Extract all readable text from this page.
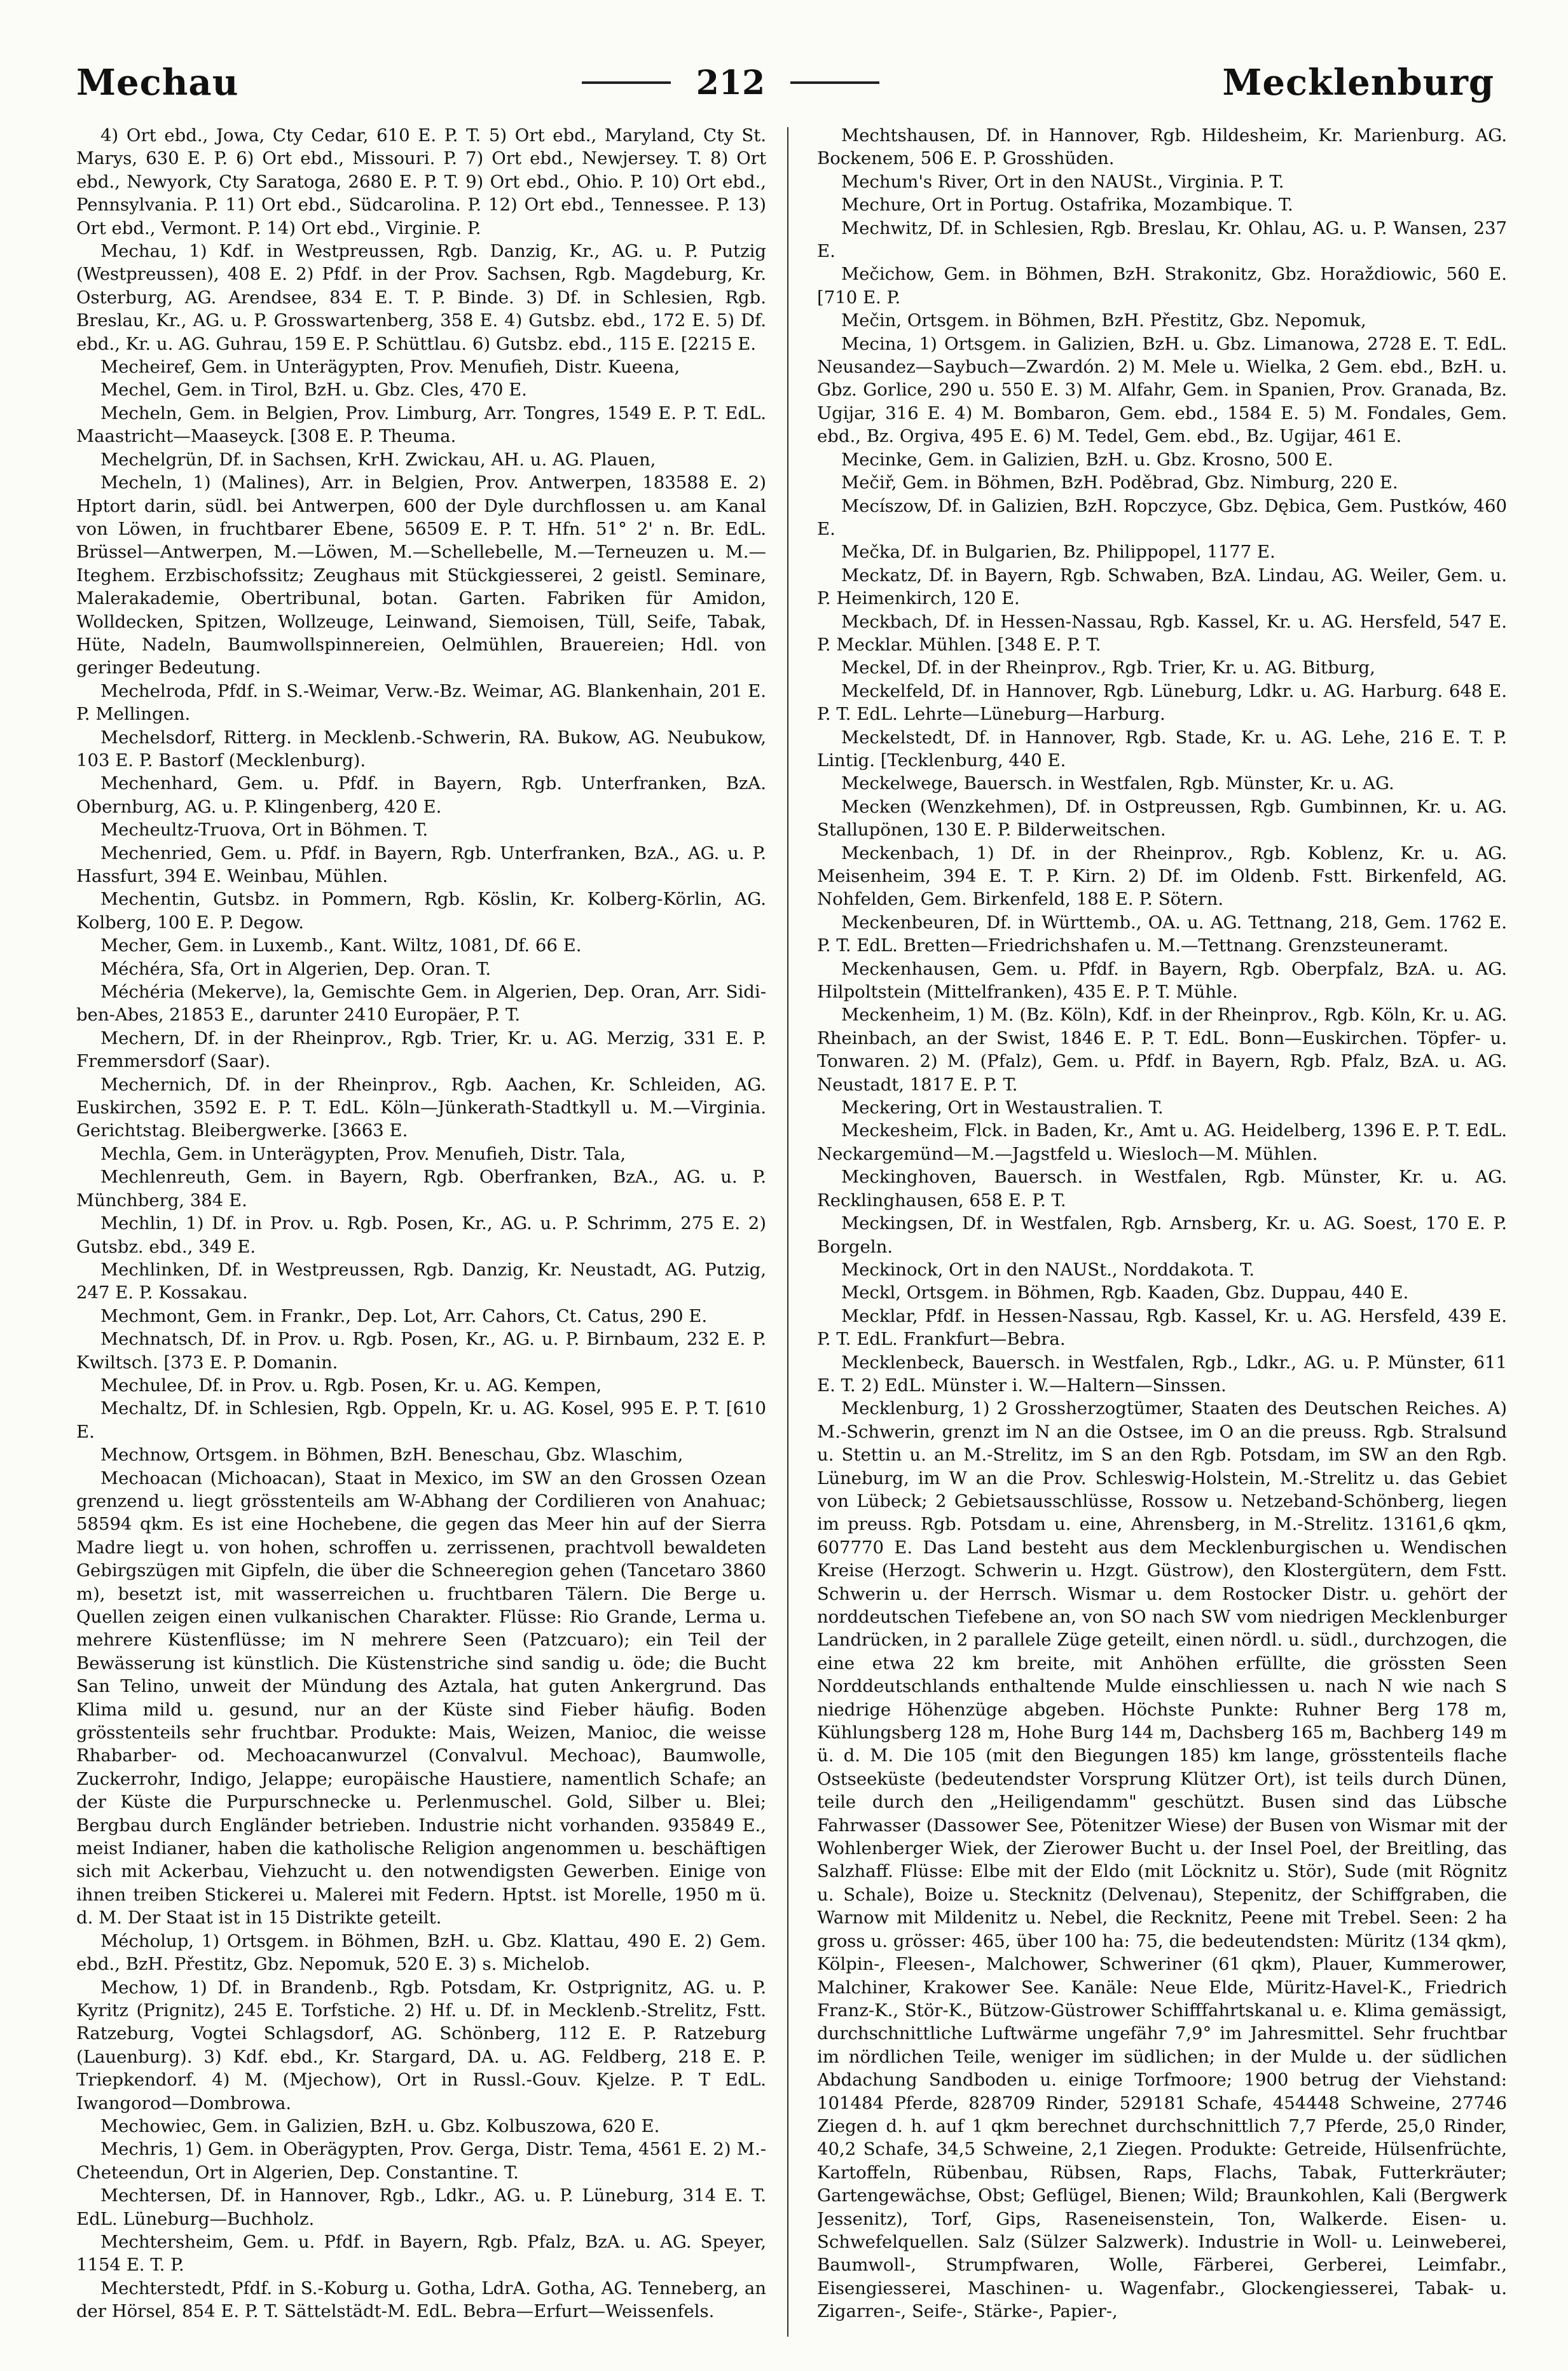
Mechau	212	Mecklenburg

4) Ort ebd., Jowa, Cty Cedar, 610 E. P. T. 5) Ort ebd., Maryland, Cty St. Marys, 630 E. P. 6) Ort ebd., Missouri. P. 7) Ort ebd., Newjersey. T. 8) Ort ebd., Newyork, Cty Saratoga, 2680 E. P. T. 9) Ort ebd., Ohio. P. 10) Ort ebd., Pennsylvania. P. 11) Ort ebd., Südcarolina. P. 12) Ort ebd., Tennessee. P. 13) Ort ebd., Vermont. P. 14) Ort ebd., Virginie. P.

Mechau, 1) Kdf. in Westpreussen, Rgb. Danzig, Kr., AG. u. P. Putzig (Westpreussen), 408 E. 2) Pfdf. in der Prov. Sachsen, Rgb. Magdeburg, Kr. Osterburg, AG. Arendsee, 834 E. T. P. Binde. 3) Df. in Schlesien, Rgb. Breslau, Kr., AG. u. P. Grosswartenberg, 358 E. 4) Gutsbz. ebd., 172 E. 5) Df. ebd., Kr. u. AG. Guhrau, 159 E. P. Schüttlau. 6) Gutsbz. ebd., 115 E. [2215 E.

Mecheiref, Gem. in Unterägypten, Prov. Menufieh, Distr. Kueena,

Mechel, Gem. in Tirol, BzH. u. Gbz. Cles, 470 E.

Mecheln, Gem. in Belgien, Prov. Limburg, Arr. Tongres, 1549 E. P. T. EdL. Maastricht—Maaseyck. [308 E. P. Theuma.

Mechelgrün, Df. in Sachsen, KrH. Zwickau, AH. u. AG. Plauen,

Mecheln, 1) (Malines), Arr. in Belgien, Prov. Antwerpen, 183588 E. 2) Hptort darin, südl. bei Antwerpen, 600 der Dyle durchflossen u. am Kanal von Löwen, in fruchtbarer Ebene, 56509 E. P. T. Hfn. 51° 2' n. Br. EdL. Brüssel—Antwerpen, M.—Löwen, M.—Schellebelle, M.—Terneuzen u. M.—Iteghem. Erzbischofssitz; Zeughaus mit Stückgiesserei, 2 geistl. Seminare, Malerakademie, Obertribunal, botan. Garten. Fabriken für Amidon, Wolldecken, Spitzen, Wollzeuge, Leinwand, Siemoisen, Tüll, Seife, Tabak, Hüte, Nadeln, Baumwollspinnereien, Oelmühlen, Brauereien; Hdl. von geringer Bedeutung.

Mechelroda, Pfdf. in S.-Weimar, Verw.-Bz. Weimar, AG. Blankenhain, 201 E. P. Mellingen.

Mechelsdorf, Ritterg. in Mecklenb.-Schwerin, RA. Bukow, AG. Neubukow, 103 E. P. Bastorf (Mecklenburg).

Mechenhard, Gem. u. Pfdf. in Bayern, Rgb. Unterfranken, BzA. Obernburg, AG. u. P. Klingenberg, 420 E.

Mecheultz-Truova, Ort in Böhmen. T.

Mechenried, Gem. u. Pfdf. in Bayern, Rgb. Unterfranken, BzA., AG. u. P. Hassfurt, 394 E. Weinbau, Mühlen.

Mechentin, Gutsbz. in Pommern, Rgb. Köslin, Kr. Kolberg-Körlin, AG. Kolberg, 100 E. P. Degow.

Mecher, Gem. in Luxemb., Kant. Wiltz, 1081, Df. 66 E.

Méchéra, Sfa, Ort in Algerien, Dep. Oran. T.

Méchéria (Mekerve), la, Gemischte Gem. in Algerien, Dep. Oran, Arr. Sidi-ben-Abes, 21853 E., darunter 2410 Europäer, P. T.

Mechern, Df. in der Rheinprov., Rgb. Trier, Kr. u. AG. Merzig, 331 E. P. Fremmersdorf (Saar).

Mechernich, Df. in der Rheinprov., Rgb. Aachen, Kr. Schleiden, AG. Euskirchen, 3592 E. P. T. EdL. Köln—Jünkerath-Stadtkyll u. M.—Virginia. Gerichtstag. Bleibergwerke. [3663 E.

Mechla, Gem. in Unterägypten, Prov. Menufieh, Distr. Tala,

Mechlenreuth, Gem. in Bayern, Rgb. Oberfranken, BzA., AG. u. P. Münchberg, 384 E.

Mechlin, 1) Df. in Prov. u. Rgb. Posen, Kr., AG. u. P. Schrimm, 275 E. 2) Gutsbz. ebd., 349 E.

Mechlinken, Df. in Westpreussen, Rgb. Danzig, Kr. Neustadt, AG. Putzig, 247 E. P. Kossakau.

Mechmont, Gem. in Frankr., Dep. Lot, Arr. Cahors, Ct. Catus, 290 E.

Mechnatsch, Df. in Prov. u. Rgb. Posen, Kr., AG. u. P. Birnbaum, 232 E. P. Kwiltsch. [373 E. P. Domanin.

Mechulee, Df. in Prov. u. Rgb. Posen, Kr. u. AG. Kempen,

Mechaltz, Df. in Schlesien, Rgb. Oppeln, Kr. u. AG. Kosel, 995 E. P. T. [610 E.

Mechnow, Ortsgem. in Böhmen, BzH. Beneschau, Gbz. Wlaschim,

Mechoacan (Michoacan), Staat in Mexico, im SW an den Grossen Ozean grenzend u. liegt grösstenteils am W-Abhang der Cordilieren von Anahuac; 58594 qkm. Es ist eine Hochebene, die gegen das Meer hin auf der Sierra Madre liegt u. von hohen, schroffen u. zerrissenen, prachtvoll bewaldeten Gebirgszügen mit Gipfeln, die über die Schneeregion gehen (Tancetaro 3860 m), besetzt ist, mit wasserreichen u. fruchtbaren Tälern. Die Berge u. Quellen zeigen einen vulkanischen Charakter. Flüsse: Rio Grande, Lerma u. mehrere Küstenflüsse; im N mehrere Seen (Patzcuaro); ein Teil der Bewässerung ist künstlich. Die Küstenstriche sind sandig u. öde; die Bucht San Telino, unweit der Mündung des Aztala, hat guten Ankergrund. Das Klima mild u. gesund, nur an der Küste sind Fieber häufig. Boden grösstenteils sehr fruchtbar. Produkte: Mais, Weizen, Manioc, die weisse Rhabarber- od. Mechoacanwurzel (Convalvul. Mechoac), Baumwolle, Zuckerrohr, Indigo, Jelappe; europäische Haustiere, namentlich Schafe; an der Küste die Purpurschnecke u. Perlenmuschel. Gold, Silber u. Blei; Bergbau durch Engländer betrieben. Industrie nicht vorhanden. 935849 E., meist Indianer, haben die katholische Religion angenommen u. beschäftigen sich mit Ackerbau, Viehzucht u. den notwendigsten Gewerben. Einige von ihnen treiben Stickerei u. Malerei mit Federn. Hptst. ist Morelle, 1950 m ü. d. M. Der Staat ist in 15 Distrikte geteilt.

Mécholup, 1) Ortsgem. in Böhmen, BzH. u. Gbz. Klattau, 490 E. 2) Gem. ebd., BzH. Přestitz, Gbz. Nepomuk, 520 E. 3) s. Michelob.

Mechow, 1) Df. in Brandenb., Rgb. Potsdam, Kr. Ostprignitz, AG. u. P. Kyritz (Prignitz), 245 E. Torfstiche. 2) Hf. u. Df. in Mecklenb.-Strelitz, Fstt. Ratzeburg, Vogtei Schlagsdorf, AG. Schönberg, 112 E. P. Ratzeburg (Lauenburg). 3) Kdf. ebd., Kr. Stargard, DA. u. AG. Feldberg, 218 E. P. Triepkendorf. 4) M. (Mjechow), Ort in Russl.-Gouv. Kjelze. P. T EdL. Iwangorod—Dombrowa.

Mechowiec, Gem. in Galizien, BzH. u. Gbz. Kolbuszowa, 620 E.

Mechris, 1) Gem. in Oberägypten, Prov. Gerga, Distr. Tema, 4561 E. 2) M.-Cheteendun, Ort in Algerien, Dep. Constantine. T.

Mechtersen, Df. in Hannover, Rgb., Ldkr., AG. u. P. Lüneburg, 314 E. T. EdL. Lüneburg—Buchholz.

Mechtersheim, Gem. u. Pfdf. in Bayern, Rgb. Pfalz, BzA. u. AG. Speyer, 1154 E. T. P.

Mechterstedt, Pfdf. in S.-Koburg u. Gotha, LdrA. Gotha, AG. Tenneberg, an der Hörsel, 854 E. P. T. Sättelstädt-M. EdL. Bebra—Erfurt—Weissenfels.

Mechtshausen, Df. in Hannover, Rgb. Hildesheim, Kr. Marienburg. AG. Bockenem, 506 E. P. Grosshüden.

Mechum's River, Ort in den NAUSt., Virginia. P. T.

Mechure, Ort in Portug. Ostafrika, Mozambique. T.

Mechwitz, Df. in Schlesien, Rgb. Breslau, Kr. Ohlau, AG. u. P. Wansen, 237 E.

Mečichow, Gem. in Böhmen, BzH. Strakonitz, Gbz. Horaždiowic, 560 E. [710 E. P.

Mečin, Ortsgem. in Böhmen, BzH. Přestitz, Gbz. Nepomuk,

Mecina, 1) Ortsgem. in Galizien, BzH. u. Gbz. Limanowa, 2728 E. T. EdL. Neusandez—Saybuch—Zwardón. 2) M. Mele u. Wielka, 2 Gem. ebd., BzH. u. Gbz. Gorlice, 290 u. 550 E. 3) M. Alfahr, Gem. in Spanien, Prov. Granada, Bz. Ugijar, 316 E. 4) M. Bombaron, Gem. ebd., 1584 E. 5) M. Fondales, Gem. ebd., Bz. Orgiva, 495 E. 6) M. Tedel, Gem. ebd., Bz. Ugijar, 461 E.

Mecinke, Gem. in Galizien, BzH. u. Gbz. Krosno, 500 E.

Mečiř, Gem. in Böhmen, BzH. Poděbrad, Gbz. Nimburg, 220 E.

Mecíszow, Df. in Galizien, BzH. Ropczyce, Gbz. Dębica, Gem. Pustków, 460 E.

Mečka, Df. in Bulgarien, Bz. Philippopel, 1177 E.

Meckatz, Df. in Bayern, Rgb. Schwaben, BzA. Lindau, AG. Weiler, Gem. u. P. Heimenkirch, 120 E.

Meckbach, Df. in Hessen-Nassau, Rgb. Kassel, Kr. u. AG. Hersfeld, 547 E. P. Mecklar. Mühlen. [348 E. P. T.

Meckel, Df. in der Rheinprov., Rgb. Trier, Kr. u. AG. Bitburg,

Meckelfeld, Df. in Hannover, Rgb. Lüneburg, Ldkr. u. AG. Harburg. 648 E. P. T. EdL. Lehrte—Lüneburg—Harburg.

Meckelstedt, Df. in Hannover, Rgb. Stade, Kr. u. AG. Lehe, 216 E. T. P. Lintig. [Tecklenburg, 440 E.

Meckelwege, Bauersch. in Westfalen, Rgb. Münster, Kr. u. AG.

Mecken (Wenzkehmen), Df. in Ostpreussen, Rgb. Gumbinnen, Kr. u. AG. Stallupönen, 130 E. P. Bilderweitschen.

Meckenbach, 1) Df. in der Rheinprov., Rgb. Koblenz, Kr. u. AG. Meisenheim, 394 E. T. P. Kirn. 2) Df. im Oldenb. Fstt. Birkenfeld, AG. Nohfelden, Gem. Birkenfeld, 188 E. P. Sötern.

Meckenbeuren, Df. in Württemb., OA. u. AG. Tettnang, 218, Gem. 1762 E. P. T. EdL. Bretten—Friedrichshafen u. M.—Tettnang. Grenzsteuneramt.

Meckenhausen, Gem. u. Pfdf. in Bayern, Rgb. Oberpfalz, BzA. u. AG. Hilpoltstein (Mittelfranken), 435 E. P. T. Mühle.

Meckenheim, 1) M. (Bz. Köln), Kdf. in der Rheinprov., Rgb. Köln, Kr. u. AG. Rheinbach, an der Swist, 1846 E. P. T. EdL. Bonn—Euskirchen. Töpfer- u. Tonwaren. 2) M. (Pfalz), Gem. u. Pfdf. in Bayern, Rgb. Pfalz, BzA. u. AG. Neustadt, 1817 E. P. T.

Meckering, Ort in Westaustralien. T.

Meckesheim, Flck. in Baden, Kr., Amt u. AG. Heidelberg, 1396 E. P. T. EdL. Neckargemünd—M.—Jagstfeld u. Wiesloch—M. Mühlen.

Meckinghoven, Bauersch. in Westfalen, Rgb. Münster, Kr. u. AG. Recklinghausen, 658 E. P. T.

Meckingsen, Df. in Westfalen, Rgb. Arnsberg, Kr. u. AG. Soest, 170 E. P. Borgeln.

Meckinock, Ort in den NAUSt., Norddakota. T.

Meckl, Ortsgem. in Böhmen, Rgb. Kaaden, Gbz. Duppau, 440 E.

Mecklar, Pfdf. in Hessen-Nassau, Rgb. Kassel, Kr. u. AG. Hersfeld, 439 E. P. T. EdL. Frankfurt—Bebra.

Mecklenbeck, Bauersch. in Westfalen, Rgb., Ldkr., AG. u. P. Münster, 611 E. T. 2) EdL. Münster i. W.—Haltern—Sinssen.

Mecklenburg, 1) 2 Grossherzogtümer, Staaten des Deutschen Reiches. A) M.-Schwerin, grenzt im N an die Ostsee, im O an die preuss. Rgb. Stralsund u. Stettin u. an M.-Strelitz, im S an den Rgb. Potsdam, im SW an den Rgb. Lüneburg, im W an die Prov. Schleswig-Holstein, M.-Strelitz u. das Gebiet von Lübeck; 2 Gebietsausschlüsse, Rossow u. Netzeband-Schönberg, liegen im preuss. Rgb. Potsdam u. eine, Ahrensberg, in M.-Strelitz. 13161,6 qkm, 607770 E. Das Land besteht aus dem Mecklenburgischen u. Wendischen Kreise (Herzogt. Schwerin u. Hzgt. Güstrow), den Klostergütern, dem Fstt. Schwerin u. der Herrsch. Wismar u. dem Rostocker Distr. u. gehört der norddeutschen Tiefebene an, von SO nach SW vom niedrigen Mecklenburger Landrücken, in 2 parallele Züge geteilt, einen nördl. u. südl., durchzogen, die eine etwa 22 km breite, mit Anhöhen erfüllte, die grössten Seen Norddeutschlands enthaltende Mulde einschliessen u. nach N wie nach S niedrige Höhenzüge abgeben. Höchste Punkte: Ruhner Berg 178 m, Kühlungsberg 128 m, Hohe Burg 144 m, Dachsberg 165 m, Bachberg 149 m ü. d. M. Die 105 (mit den Biegungen 185) km lange, grösstenteils flache Ostseeküste (bedeutendster Vorsprung Klützer Ort), ist teils durch Dünen, teile durch den „Heiligendamm" geschützt. Busen sind das Lübsche Fahrwasser (Dassower See, Pötenitzer Wiese) der Busen von Wismar mit der Wohlenberger Wiek, der Zierower Bucht u. der Insel Poel, der Breitling, das Salzhaff. Flüsse: Elbe mit der Eldo (mit Löcknitz u. Stör), Sude (mit Rögnitz u. Schale), Boize u. Stecknitz (Delvenau), Stepenitz, der Schiffgraben, die Warnow mit Mildenitz u. Nebel, die Recknitz, Peene mit Trebel. Seen: 2 ha gross u. grösser: 465, über 100 ha: 75, die bedeutendsten: Müritz (134 qkm), Kölpin-, Fleesen-, Malchower, Schweriner (61 qkm), Plauer, Kummerower, Malchiner, Krakower See. Kanäle: Neue Elde, Müritz-Havel-K., Friedrich Franz-K., Stör-K., Bützow-Güstrower Schifffahrtskanal u. e. Klima gemässigt, durchschnittliche Luftwärme ungefähr 7,9° im Jahresmittel. Sehr fruchtbar im nördlichen Teile, weniger im südlichen; in der Mulde u. der südlichen Abdachung Sandboden u. einige Torfmoore; 1900 betrug der Viehstand: 101484 Pferde, 828709 Rinder, 529181 Schafe, 454448 Schweine, 27746 Ziegen d. h. auf 1 qkm berechnet durchschnittlich 7,7 Pferde, 25,0 Rinder, 40,2 Schafe, 34,5 Schweine, 2,1 Ziegen. Produkte: Getreide, Hülsenfrüchte, Kartoffeln, Rübenbau, Rübsen, Raps, Flachs, Tabak, Futterkräuter; Gartengewächse, Obst; Geflügel, Bienen; Wild; Braunkohlen, Kali (Bergwerk Jessenitz), Torf, Gips, Raseneisenstein, Ton, Walkerde. Eisen- u. Schwefelquellen. Salz (Sülzer Salzwerk). Industrie in Woll- u. Leinweberei, Baumwoll-, Strumpfwaren, Wolle, Färberei, Gerberei, Leimfabr., Eisengiesserei, Maschinen- u. Wagenfabr., Glockengiesserei, Tabak- u. Zigarren-, Seife-, Stärke-, Papier-,
